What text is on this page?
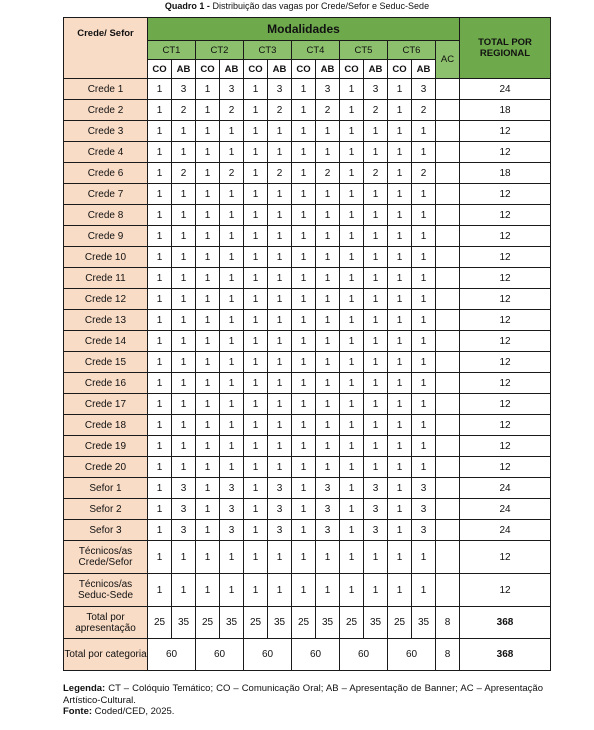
Quadro 1 - Distribuição das vagas por Crede/Sefor e Seduc-Sede
Crede/ Sefor	Modalidades													TOTAL POR REGIONAL
	CT1		CT2		CT3		CT4		CT5		CT6		AC	
	CO	AB	CO	AB	CO	AB	CO	AB	CO	AB	CO	AB		
Crede 1	1	3	1	3	1	3	1	3	1	3	1	3		24
Crede 2	1	2	1	2	1	2	1	2	1	2	1	2		18
Crede 3	1	1	1	1	1	1	1	1	1	1	1	1		12
Crede 4	1	1	1	1	1	1	1	1	1	1	1	1		12
Crede 6	1	2	1	2	1	2	1	2	1	2	1	2		18
Crede 7	1	1	1	1	1	1	1	1	1	1	1	1		12
Crede 8	1	1	1	1	1	1	1	1	1	1	1	1		12
Crede 9	1	1	1	1	1	1	1	1	1	1	1	1		12
Crede 10	1	1	1	1	1	1	1	1	1	1	1	1		12
Crede 11	1	1	1	1	1	1	1	1	1	1	1	1		12
Crede 12	1	1	1	1	1	1	1	1	1	1	1	1		12
Crede 13	1	1	1	1	1	1	1	1	1	1	1	1		12
Crede 14	1	1	1	1	1	1	1	1	1	1	1	1		12
Crede 15	1	1	1	1	1	1	1	1	1	1	1	1		12
Crede 16	1	1	1	1	1	1	1	1	1	1	1	1		12
Crede 17	1	1	1	1	1	1	1	1	1	1	1	1		12
Crede 18	1	1	1	1	1	1	1	1	1	1	1	1		12
Crede 19	1	1	1	1	1	1	1	1	1	1	1	1		12
Crede 20	1	1	1	1	1	1	1	1	1	1	1	1		12
Sefor 1	1	3	1	3	1	3	1	3	1	3	1	3		24
Sefor 2	1	3	1	3	1	3	1	3	1	3	1	3		24
Sefor 3	1	3	1	3	1	3	1	3	1	3	1	3		24
Técnicos/as Crede/Sefor	1	1	1	1	1	1	1	1	1	1	1	1		12
Técnicos/as Seduc-Sede	1	1	1	1	1	1	1	1	1	1	1	1		12
Total por apresentação	25	35	25	35	25	35	25	35	25	35	25	35	8	368
Total por categoria	60		60		60		60		60		60		8	368
Legenda: CT – Colóquio Temático; CO – Comunicação Oral; AB – Apresentação de Banner; AC – Apresentação Artístico-Cultural.
Fonte: Coded/CED, 2025.
